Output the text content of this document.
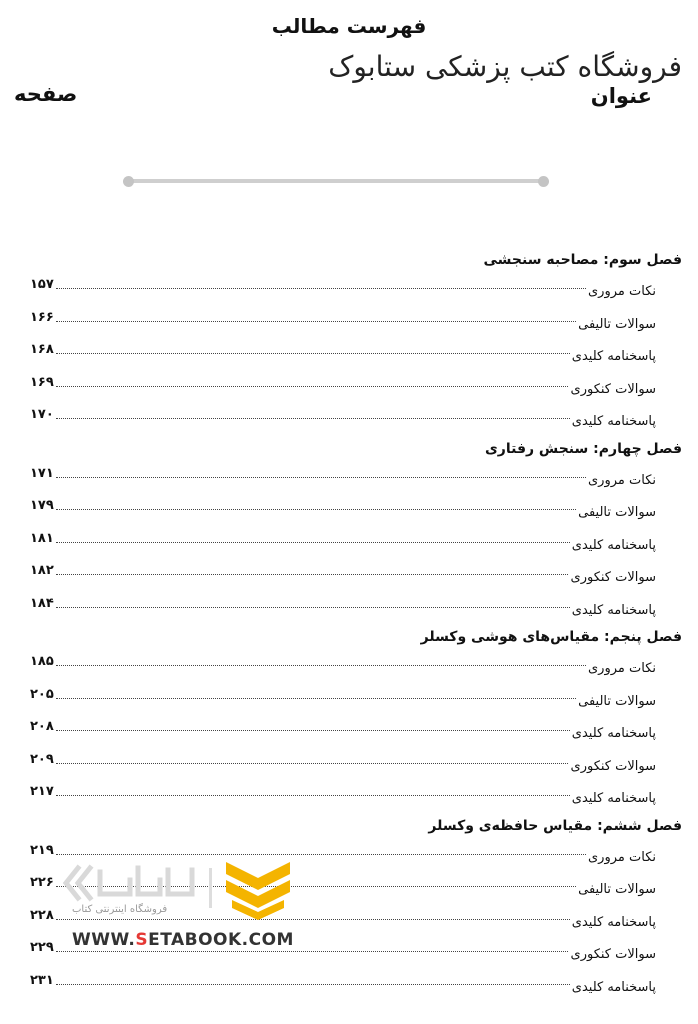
فهرست مطالب
فروشگاه کتب پزشکی ستابوک
عنوان
صفحه
فصل سوم: مصاحبه سنجشی
نکات مروری
۱۵۷
سوالات تالیفی
۱۶۶
پاسخنامه کلیدی
۱۶۸
سوالات کنکوری
۱۶۹
پاسخنامه کلیدی
۱۷۰
فصل چهارم: سنجش رفتاری
نکات مروری
۱۷۱
سوالات تالیفی
۱۷۹
پاسخنامه کلیدی
۱۸۱
سوالات کنکوری
۱۸۲
پاسخنامه کلیدی
۱۸۴
فصل پنجم: مقیاس‌های هوشی وکسلر
نکات مروری
۱۸۵
سوالات تالیفی
۲۰۵
پاسخنامه کلیدی
۲۰۸
سوالات کنکوری
۲۰۹
پاسخنامه کلیدی
۲۱۷
فصل ششم: مقیاس حافظه‌ی وکسلر
نکات مروری
۲۱۹
سوالات تالیفی
۲۲۶
پاسخنامه کلیدی
۲۲۸
سوالات کنکوری
۲۲۹
پاسخنامه کلیدی
۲۳۱
فروشگاه اینترنتی کتاب
WWW.SETABOOK.COM
